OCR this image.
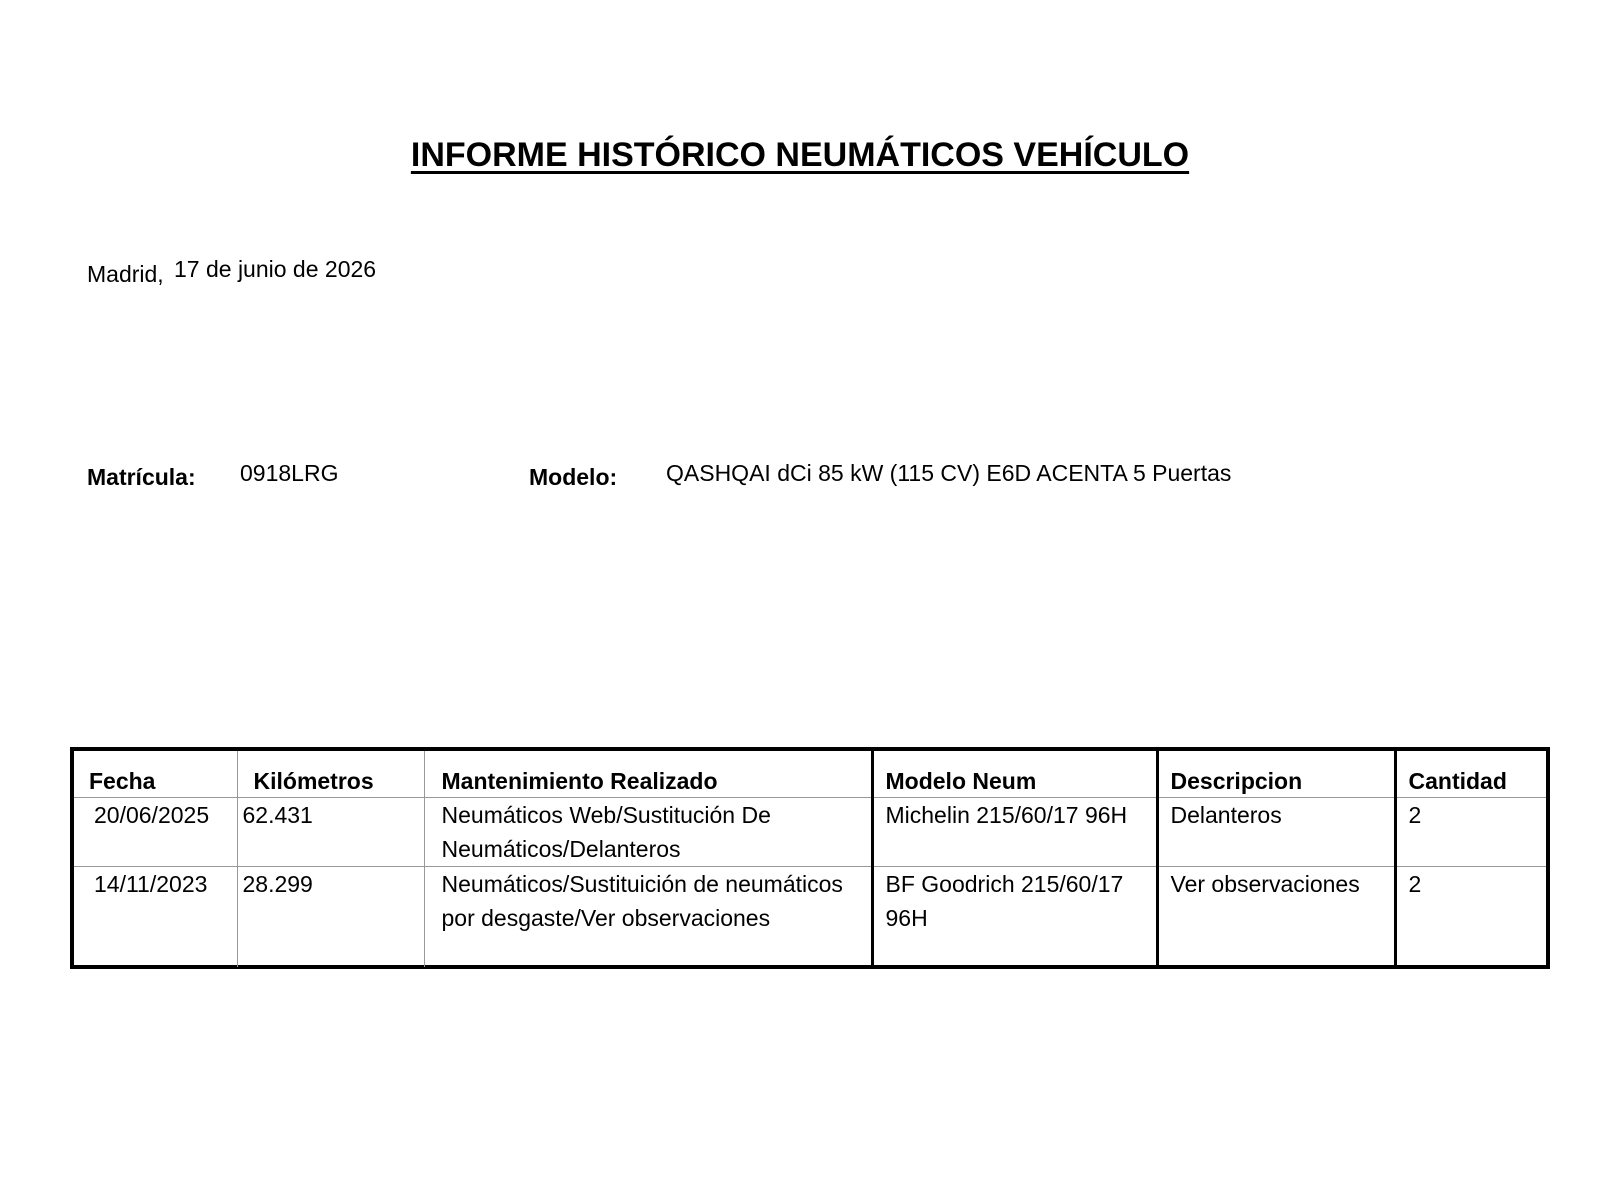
INFORME HISTÓRICO NEUMÁTICOS VEHÍCULO
Madrid, 17 de junio de 2026
Matrícula: 0918LRG	Modelo: QASHQAI dCi 85 kW (115 CV) E6D ACENTA 5 Puertas
Fecha	Kilómetros	Mantenimiento Realizado	Modelo Neum	Descripcion	Cantidad
20/06/2025	62.431	Neumáticos Web/Sustitución De Neumáticos/Delanteros	Michelin 215/60/17 96H	Delanteros	2
14/11/2023	28.299	Neumáticos/Sustituición de neumáticos por desgaste/Ver observaciones	BF Goodrich 215/60/17 96H	Ver observaciones	2
